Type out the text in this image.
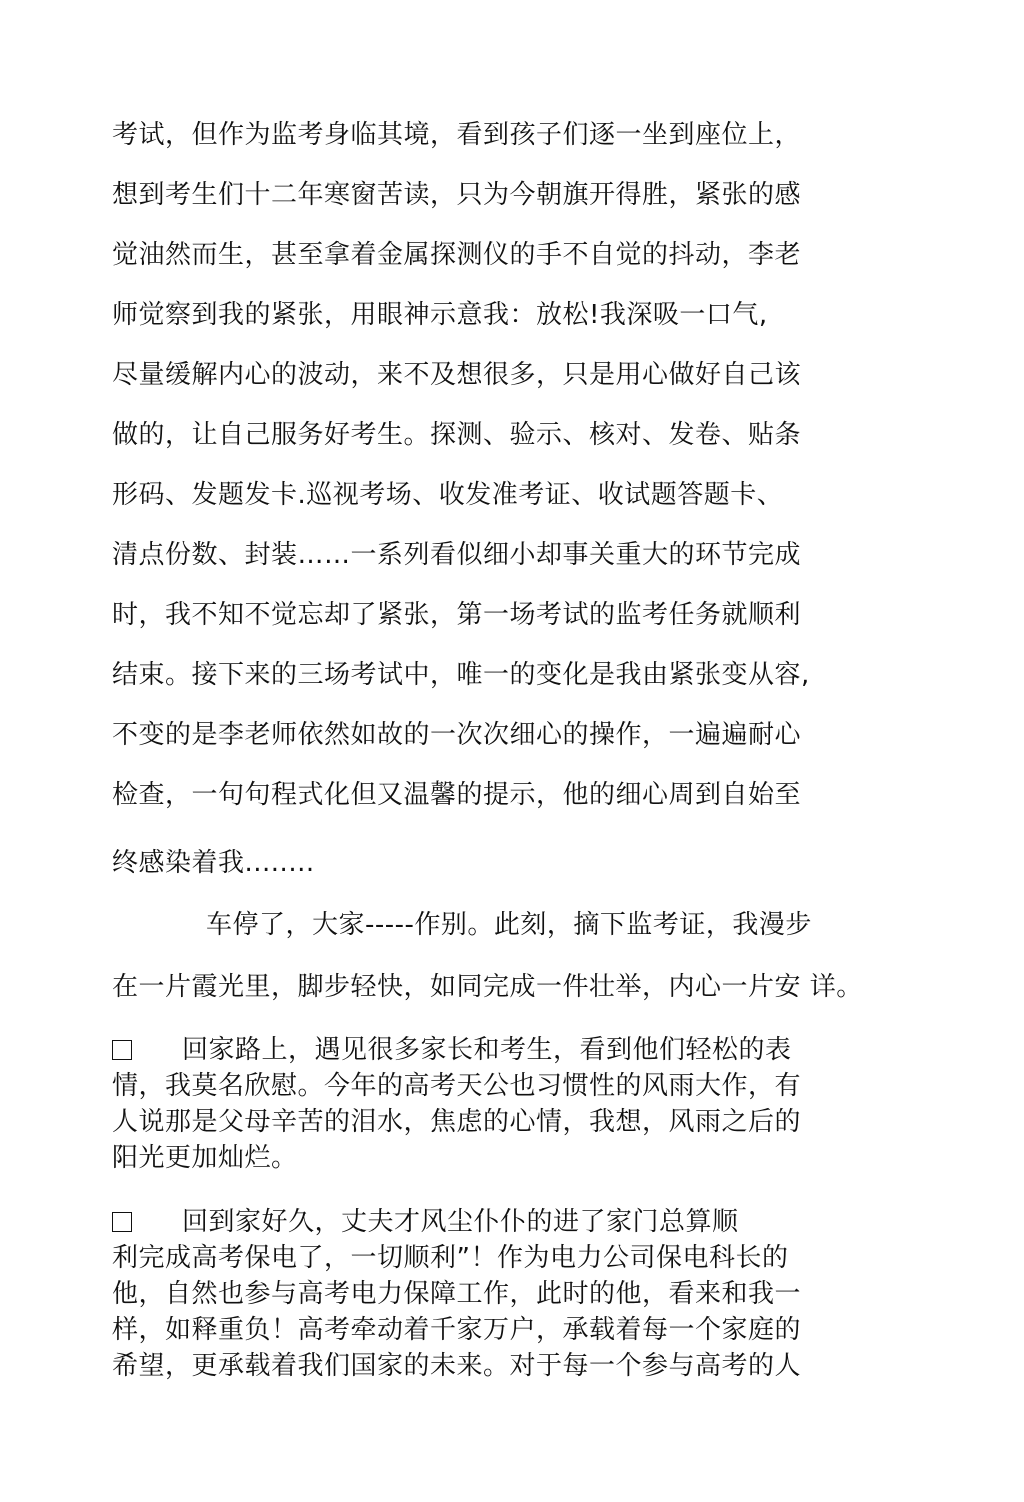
考试，但作为监考身临其境，看到孩子们逐一坐到座位上，
想到考生们十二年寒窗苦读，只为今朝旗开得胜，紧张的感
觉油然而生，甚至拿着金属探测仪的手不自觉的抖动，李老
师觉察到我的紧张，用眼神示意我：放松!我深吸一口气,
尽量缓解内心的波动，来不及想很多，只是用心做好自己该
做的，让自己服务好考生。探测、验示、核对、发卷、贴条
形码、发题发卡.巡视考场、收发准考证、收试题答题卡、
清点份数、封装……一系列看似细小却事关重大的环节完成
时，我不知不觉忘却了紧张，第一场考试的监考任务就顺利
结束。接下来的三场考试中，唯一的变化是我由紧张变从容,
不变的是李老师依然如故的一次次细心的操作，一遍遍耐心
检查，一句句程式化但又温馨的提示，他的细心周到自始至
终感染着我........
车停了，大家-----作别。此刻，摘下监考证，我漫步
在一片霞光里，脚步轻快，如同完成一件壮举，内心一片安 详。
回家路上，遇见很多家长和考生，看到他们轻松的表
情，我莫名欣慰。今年的高考天公也习惯性的风雨大作，有
人说那是父母辛苦的泪水，焦虑的心情，我想，风雨之后的
阳光更加灿烂。
回到家好久，丈夫才风尘仆仆的进了家门总算顺
利完成高考保电了，一切顺利”！作为电力公司保电科长的
他，自然也参与高考电力保障工作，此时的他，看来和我一
样，如释重负！高考牵动着千家万户，承载着每一个家庭的
希望，更承载着我们国家的未来。对于每一个参与高考的人
